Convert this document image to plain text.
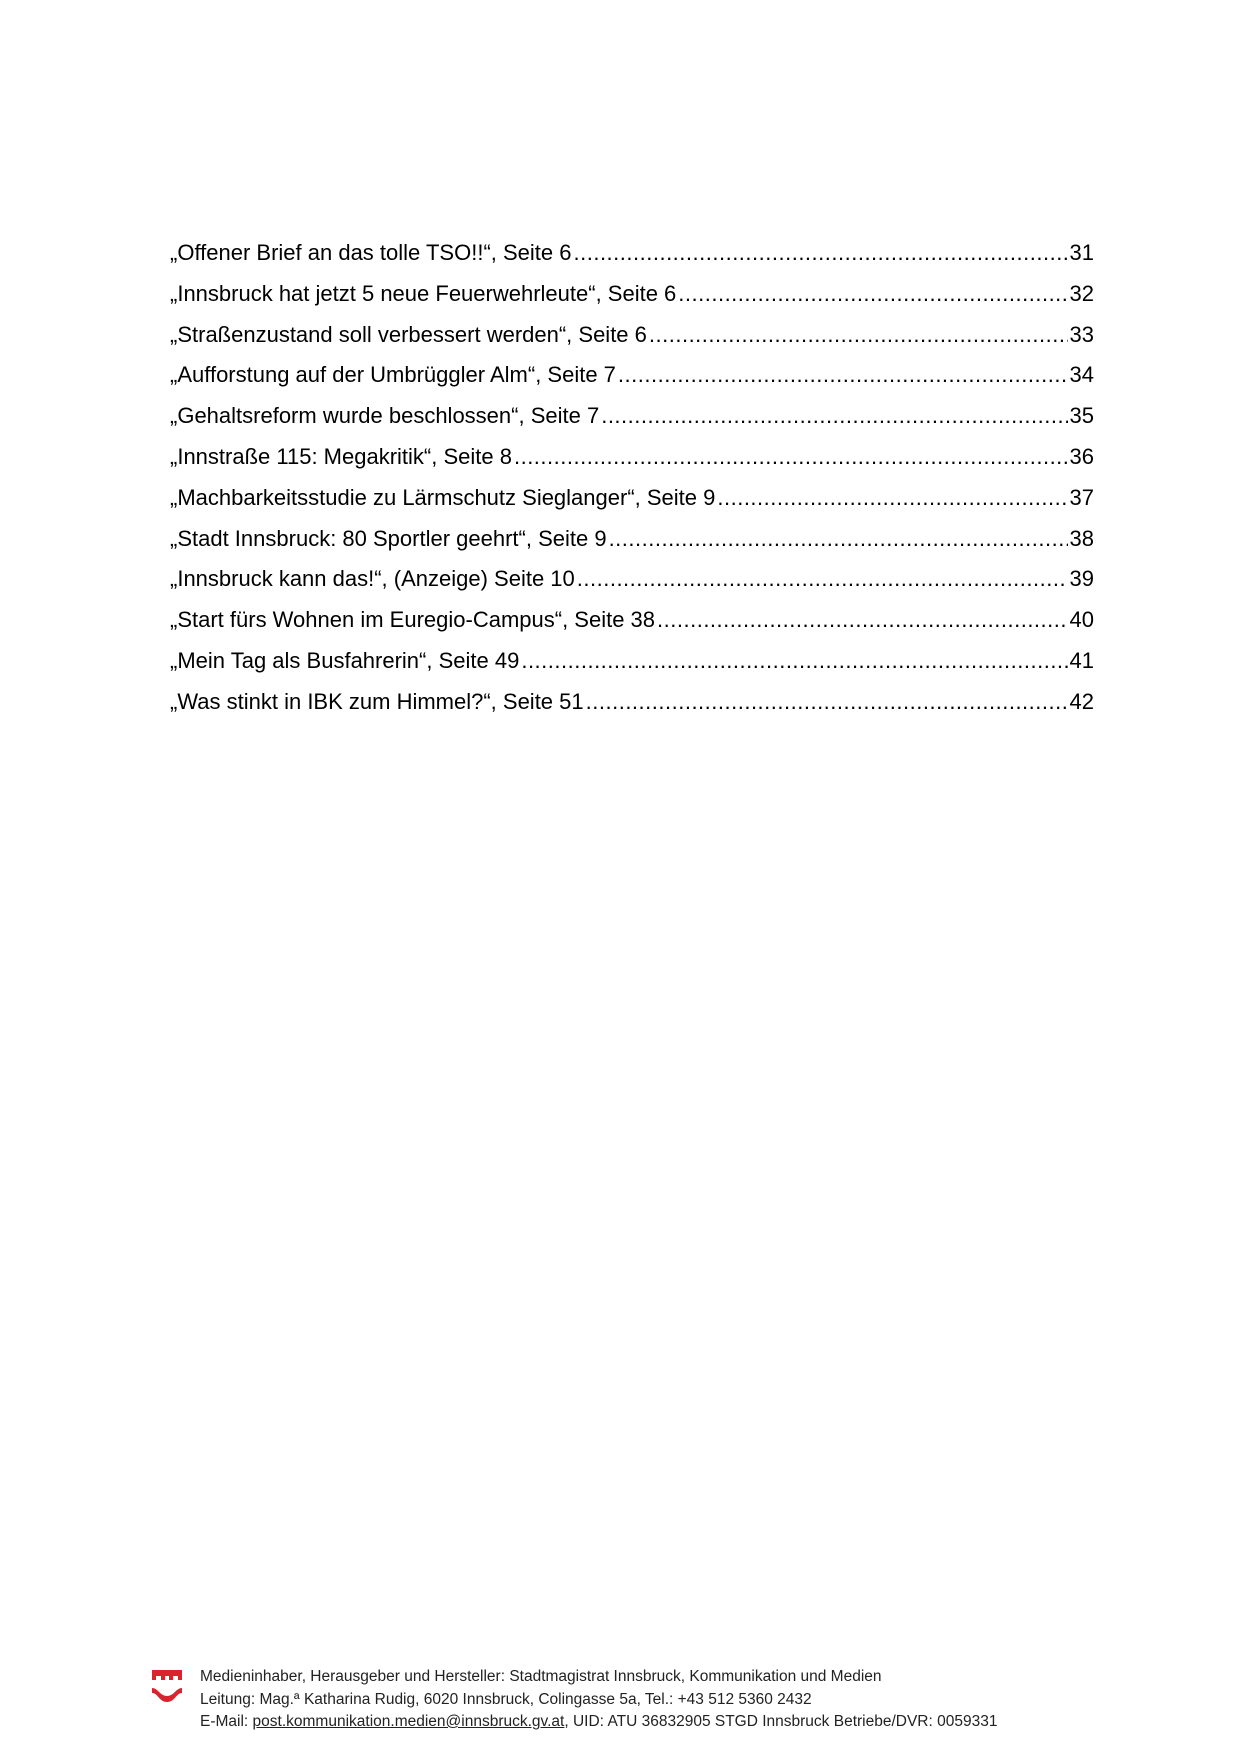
„Offener Brief an das tolle TSO!!“, Seite 6 .....	31
„Innsbruck hat jetzt 5 neue Feuerwehrleute“, Seite 6 .....	32
„Straßenzustand soll verbessert werden“, Seite 6 .....	33
„Aufforstung auf der Umbrüggler Alm“, Seite 7 .....	34
„Gehaltsreform wurde beschlossen“, Seite 7 .....	35
„Innstraße 115: Megakritik“, Seite 8 .....	36
„Machbarkeitsstudie zu Lärmschutz Sieglanger“, Seite 9 .....	37
„Stadt Innsbruck: 80 Sportler geehrt“, Seite 9 .....	38
„Innsbruck kann das!“, (Anzeige) Seite 10 .....	39
„Start fürs Wohnen im Euregio-Campus“, Seite 38 .....	40
„Mein Tag als Busfahrerin“, Seite 49 .....	41
„Was stinkt in IBK zum Himmel?“, Seite 51 .....	42
Medieninhaber, Herausgeber und Hersteller: Stadtmagistrat Innsbruck, Kommunikation und Medien
Leitung: Mag.ª Katharina Rudig, 6020 Innsbruck, Colingasse 5a, Tel.: +43 512 5360 2432
E-Mail: post.kommunikation.medien@innsbruck.gv.at, UID: ATU 36832905 STGD Innsbruck Betriebe/DVR: 0059331
